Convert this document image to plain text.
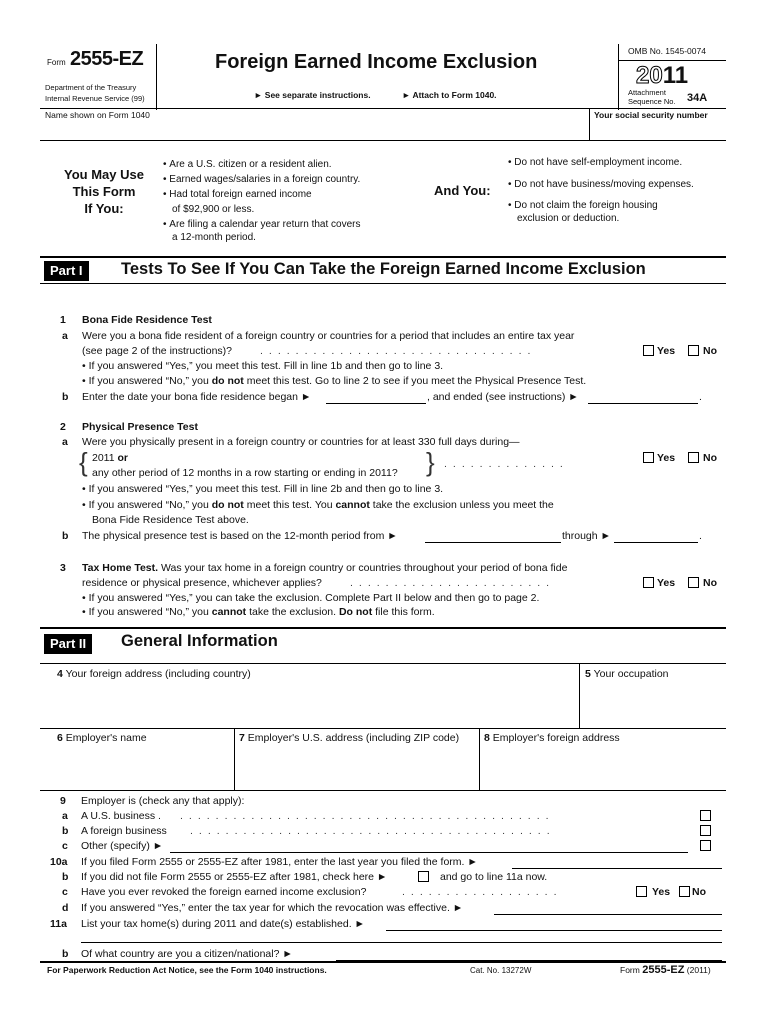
Form 2555-EZ
Department of the Treasury
Internal Revenue Service (99)
Foreign Earned Income Exclusion
► See separate instructions.	► Attach to Form 1040.
OMB No. 1545-0074
2011
Attachment
Sequence No. 34A
Name shown on Form 1040	Your social security number
You May Use
This Form
If You:
• Are a U.S. citizen or a resident alien.
• Earned wages/salaries in a foreign country.
• Had total foreign earned income
of $92,900 or less.
• Are filing a calendar year return that covers
a 12-month period.
And You:
• Do not have self-employment income.
• Do not have business/moving expenses.
• Do not claim the foreign housing
exclusion or deduction.
Part I	Tests To See If You Can Take the Foreign Earned Income Exclusion
1 Bona Fide Residence Test
a Were you a bona fide resident of a foreign country or countries for a period that includes an entire tax year
(see page 2 of the instructions)?	...............................	Yes	No
• If you answered “Yes,” you meet this test. Fill in line 1b and then go to line 3.
• If you answered “No,” you do not meet this test. Go to line 2 to see if you meet the Physical Presence Test.
b Enter the date your bona fide residence began ►	, and ended (see instructions) ►	.
2 Physical Presence Test
a Were you physically present in a foreign country or countries for at least 330 full days during—
{ 2011 or
any other period of 12 months in a row starting or ending in 2011? } ..............	Yes	No
• If you answered “Yes,” you meet this test. Fill in line 2b and then go to line 3.
• If you answered “No,” you do not meet this test. You cannot take the exclusion unless you meet the
Bona Fide Residence Test above.
b The physical presence test is based on the 12-month period from ►	through ►	.
3 Tax Home Test. Was your tax home in a foreign country or countries throughout your period of bona fide
residence or physical presence, whichever applies?	.......................	Yes	No
• If you answered “Yes,” you can take the exclusion. Complete Part II below and then go to page 2.
• If you answered “No,” you cannot take the exclusion. Do not file this form.
Part II	General Information
4 Your foreign address (including country)	5 Your occupation
6 Employer's name	7 Employer's U.S. address (including ZIP code) 8 Employer's foreign address
9 Employer is (check any that apply):
a A U.S. business . ..........................................
b A foreign business .........................................
c Other (specify) ►
10a If you filed Form 2555 or 2555-EZ after 1981, enter the last year you filed the form. ►
b If you did not file Form 2555 or 2555-EZ after 1981, check here ►	and go to line 11a now.
c Have you ever revoked the foreign earned income exclusion?	..................	Yes No
d If you answered “Yes,” enter the tax year for which the revocation was effective. ►
11a List your tax home(s) during 2011 and date(s) established. ►
b Of what country are you a citizen/national? ►
For Paperwork Reduction Act Notice, see the Form 1040 instructions.	Cat. No. 13272W	Form 2555-EZ (2011)
